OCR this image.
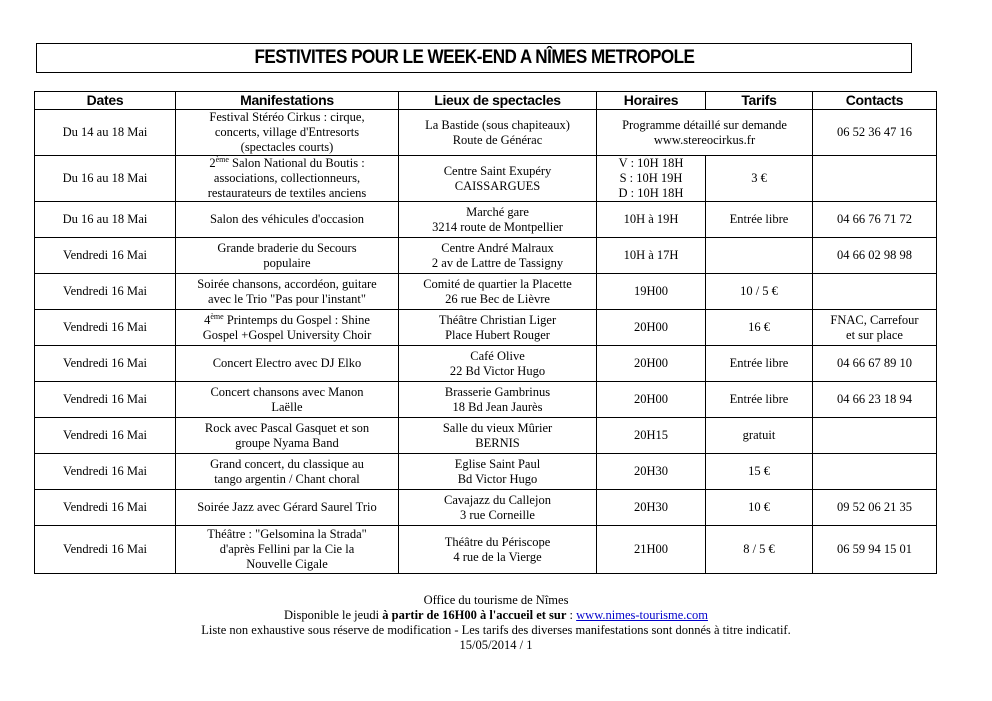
FESTIVITES POUR LE WEEK-END A NÎMES METROPOLE
Dates	Manifestations	Lieux de spectacles	Horaires	Tarifs	Contacts
Du 14 au 18 Mai	Festival Stéréo Cirkus : cirque,
concerts, village d'Entresorts
(spectacles courts)	La Bastide (sous chapiteaux)
Route de Générac	Programme détaillé sur demande
www.stereocirkus.fr		06 52 36 47 16
Du 16 au 18 Mai	2ème Salon National du Boutis :
associations, collectionneurs,
restaurateurs de textiles anciens	Centre Saint Exupéry
CAISSARGUES	V : 10H 18H
S : 10H 19H
D : 10H 18H	3 €	
Du 16 au 18 Mai	Salon des véhicules d'occasion	Marché gare
3214 route de Montpellier	10H à 19H	Entrée libre	04 66 76 71 72
Vendredi 16 Mai	Grande braderie du Secours
populaire	Centre André Malraux
2 av de Lattre de Tassigny	10H à 17H		04 66 02 98 98
Vendredi 16 Mai	Soirée chansons, accordéon, guitare
avec le Trio "Pas pour l'instant"	Comité de quartier la Placette
26 rue Bec de Lièvre	19H00	10 / 5 €	
Vendredi 16 Mai	4ème Printemps du Gospel : Shine
Gospel +Gospel University Choir	Théâtre Christian Liger
Place Hubert Rouger	20H00	16 €	FNAC, Carrefour
et sur place

Vendredi 16 Mai	Concert Electro avec DJ Elko	Café Olive
22 Bd Victor Hugo	20H00	Entrée libre	04 66 67 89 10
Vendredi 16 Mai	Concert chansons avec Manon
Laëlle	Brasserie Gambrinus
18 Bd Jean Jaurès	20H00	Entrée libre	04 66 23 18 94
Vendredi 16 Mai	Rock avec Pascal Gasquet et son
groupe Nyama Band	Salle du vieux Mûrier
BERNIS	20H15	gratuit	
Vendredi 16 Mai	Grand concert, du classique au
tango argentin / Chant choral	Eglise Saint Paul
Bd Victor Hugo	20H30	15 €	
Vendredi 16 Mai	Soirée Jazz avec Gérard Saurel Trio	Cavajazz du Callejon
3 rue Corneille	20H30	10 €	09 52 06 21 35
Vendredi 16 Mai	Théâtre : "Gelsomina la Strada"
d'après Fellini par la Cie la
Nouvelle Cigale	Théâtre du Périscope
4 rue de la Vierge	21H00	8 / 5 €	06 59 94 15 01
Office du tourisme de Nîmes
Disponible le jeudi à partir de 16H00 à l'accueil et sur : www.nimes-tourisme.com
Liste non exhaustive sous réserve de modification - Les tarifs des diverses manifestations sont donnés à titre indicatif.
15/05/2014 / 1
